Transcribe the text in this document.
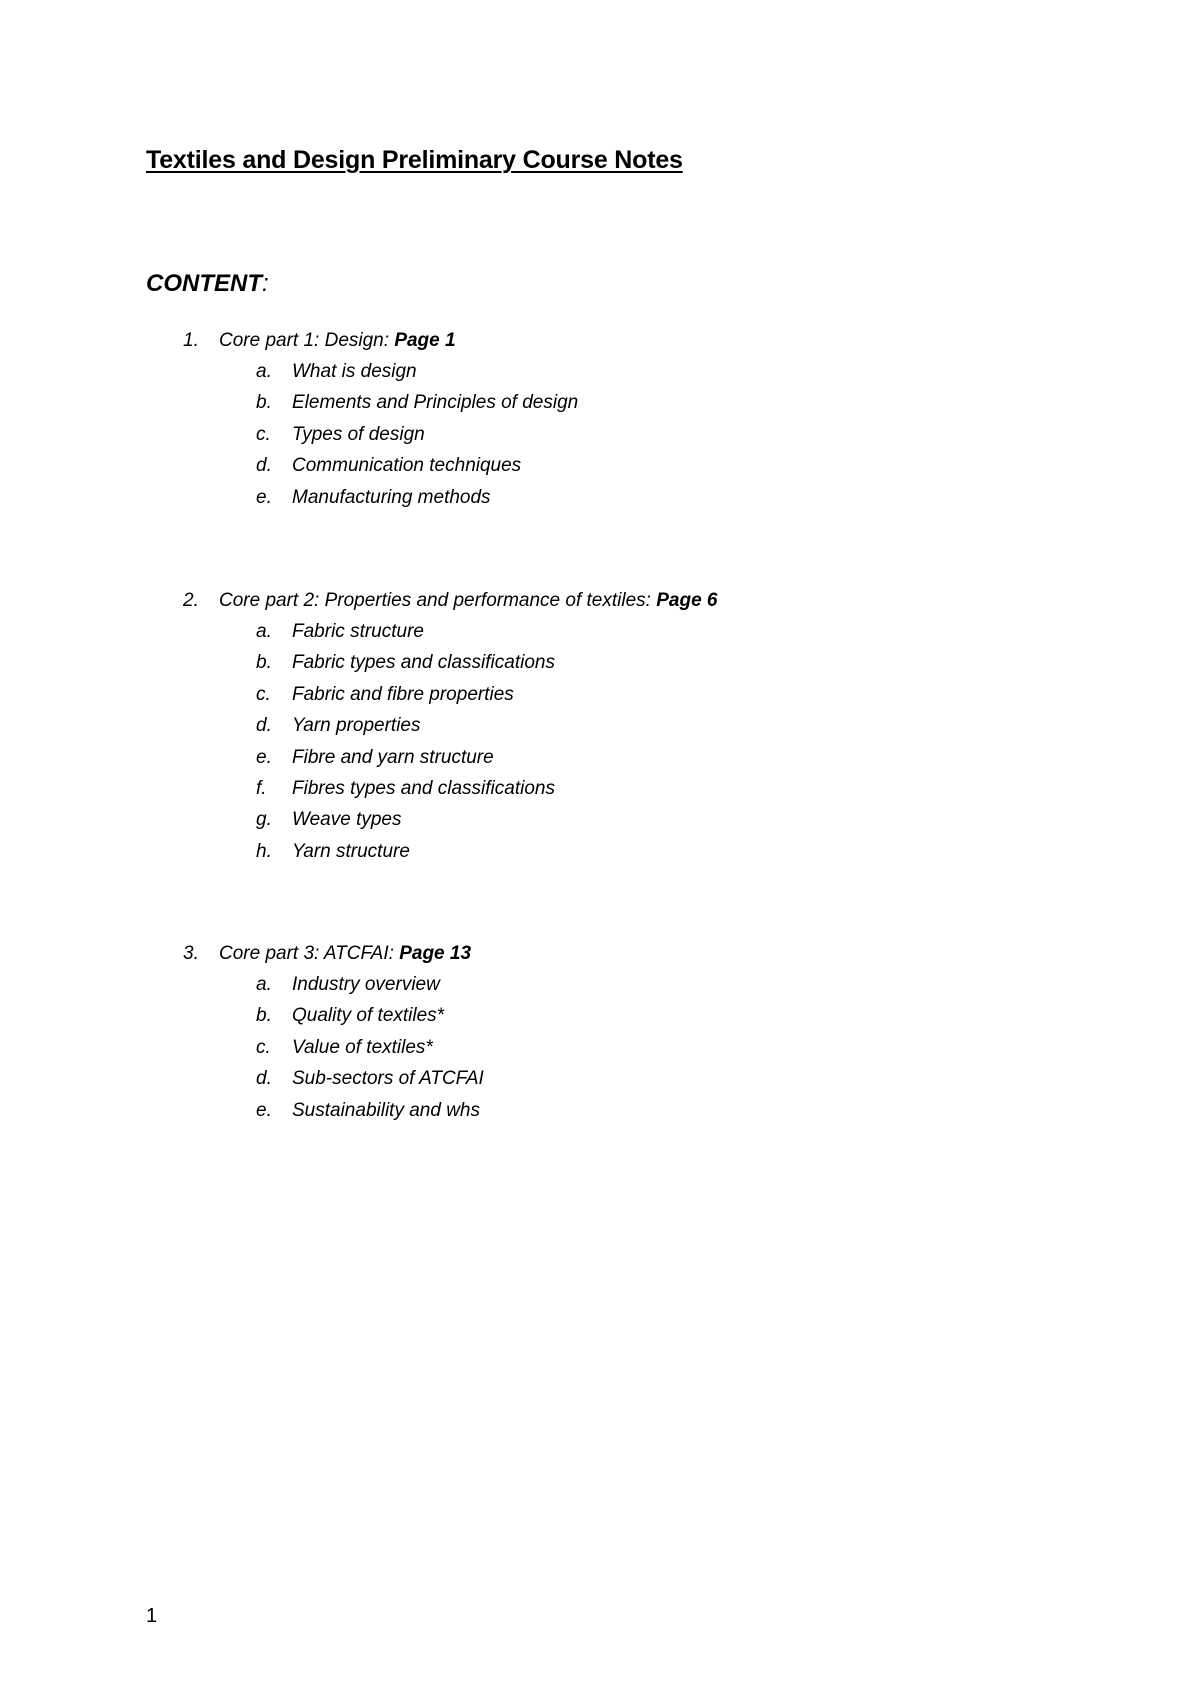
Textiles and Design Preliminary Course Notes
CONTENT:
1. Core part 1: Design: Page 1
a. What is design
b. Elements and Principles of design
c. Types of design
d. Communication techniques
e. Manufacturing methods
2. Core part 2: Properties and performance of textiles: Page 6
a. Fabric structure
b. Fabric types and classifications
c. Fabric and fibre properties
d. Yarn properties
e. Fibre and yarn structure
f. Fibres types and classifications
g. Weave types
h. Yarn structure
3. Core part 3: ATCFAI: Page 13
a. Industry overview
b. Quality of textiles*
c. Value of textiles*
d. Sub-sectors of ATCFAI
e. Sustainability and whs
1
